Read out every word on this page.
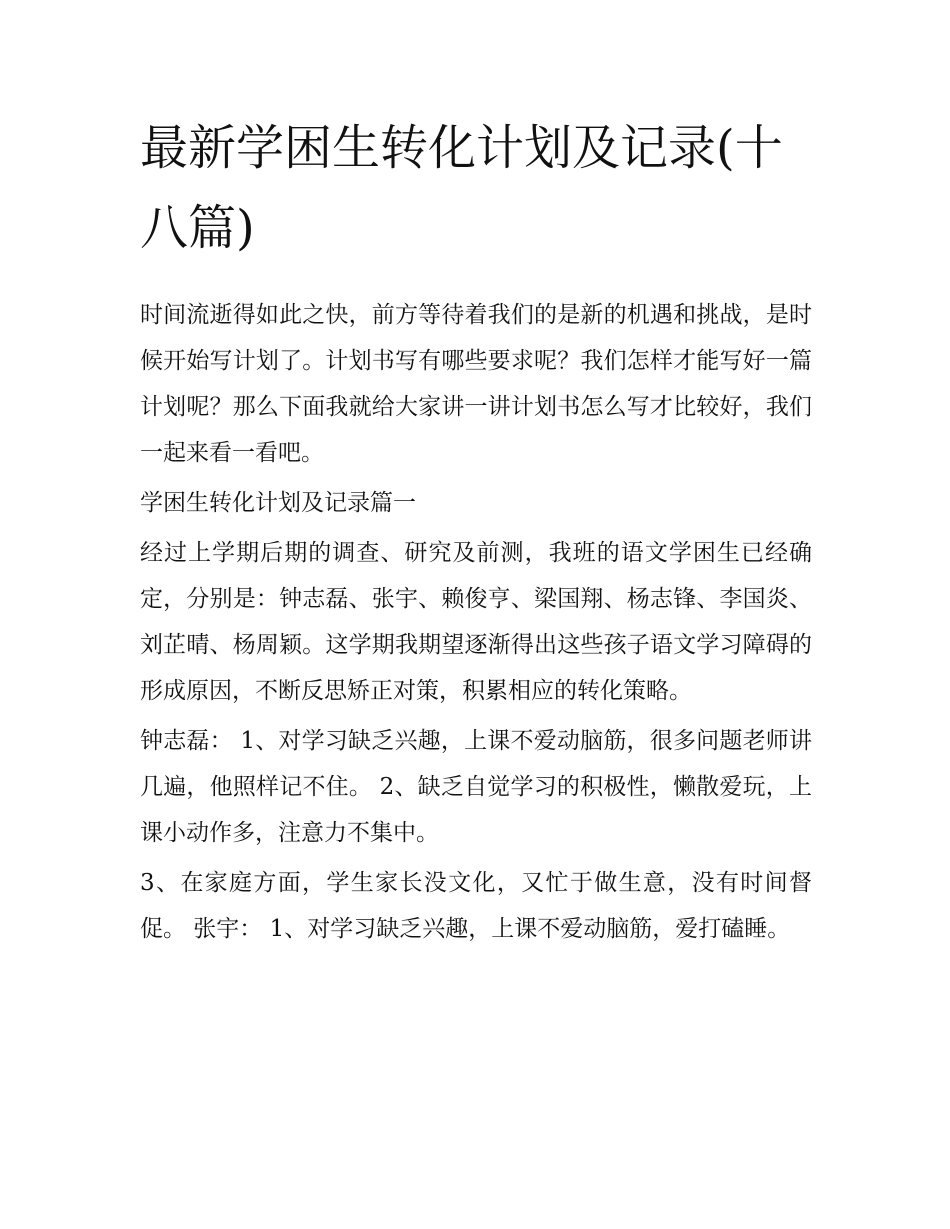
最新学困生转化计划及记录(十八篇)

时间流逝得如此之快，前方等待着我们的是新的机遇和挑战，是时候开始写计划了。计划书写有哪些要求呢？我们怎样才能写好一篇计划呢？那么下面我就给大家讲一讲计划书怎么写才比较好，我们一起来看一看吧。

学困生转化计划及记录篇一

经过上学期后期的调查、研究及前测，我班的语文学困生已经确定，分别是：钟志磊、张宇、赖俊亨、梁国翔、杨志锋、李国炎、刘芷晴、杨周颖。这学期我期望逐渐得出这些孩子语文学习障碍的形成原因，不断反思矫正对策，积累相应的转化策略。

钟志磊： 1、对学习缺乏兴趣，上课不爱动脑筋，很多问题老师讲几遍，他照样记不住。 2、缺乏自觉学习的积极性，懒散爱玩，上课小动作多，注意力不集中。

3、在家庭方面，学生家长没文化，又忙于做生意，没有时间督促。 张宇： 1、对学习缺乏兴趣，上课不爱动脑筋，爱打磕睡。
